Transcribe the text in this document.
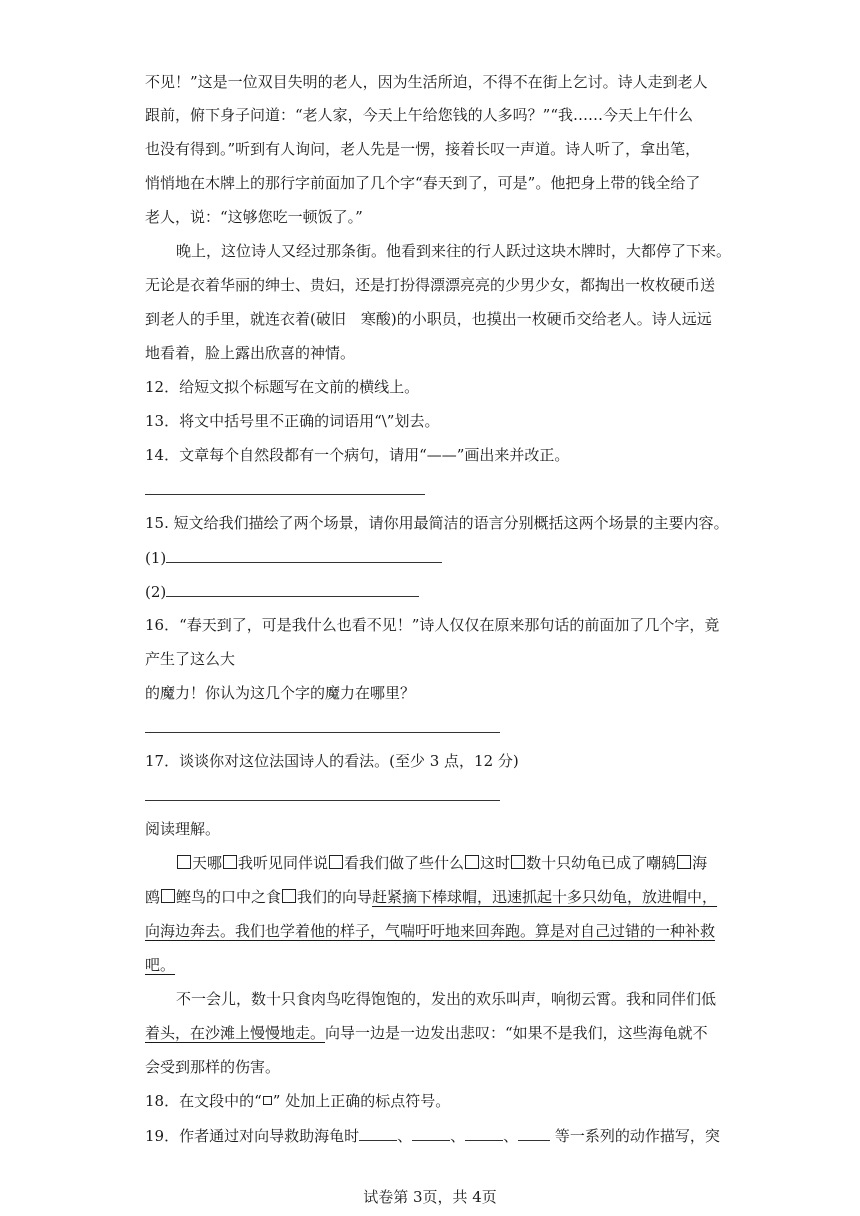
不见！”这是一位双目失明的老人，因为生活所迫，不得不在街上乞讨。诗人走到老人
跟前，俯下身子问道：“老人家，今天上午给您钱的人多吗？”“我……今天上午什么
也没有得到。”听到有人询问，老人先是一愣，接着长叹一声道。诗人听了，拿出笔，
悄悄地在木牌上的那行字前面加了几个字“春天到了，可是”。他把身上带的钱全给了
老人，说：“这够您吃一顿饭了。”
晚上，这位诗人又经过那条街。他看到来往的行人跃过这块木牌时，大都停了下来。
无论是衣着华丽的绅士、贵妇，还是打扮得漂漂亮亮的少男少女，都掏出一枚枚硬币送
到老人的手里，就连衣着(破旧　寒酸)的小职员，也摸出一枚硬币交给老人。诗人远远
地看着，脸上露出欣喜的神情。
12．给短文拟个标题写在文前的横线上。
13．将文中括号里不正确的词语用“\”划去。
14．文章每个自然段都有一个病句，请用“——”画出来并改正。
15. 短文给我们描绘了两个场景，请你用最简洁的语言分别概括这两个场景的主要内容。
(1)
(2)
16．“春天到了，可是我什么也看不见！”诗人仅仅在原来那句话的前面加了几个字，竟
产生了这么大
的魔力！你认为这几个字的魔力在哪里？
17．谈谈你对这位法国诗人的看法。(至少 3 点，12 分)
阅读理解。
天哪 我听见同伴说 看我们做了些什么 这时 数十只幼龟已成了嘲鸫 海
鸥 鲣鸟的口中之食 我们的向导赶紧摘下棒球帽，迅速抓起十多只幼龟，放进帽中，
向海边奔去。我们也学着他的样子，气喘吁吁地来回奔跑。算是对自己过错的一种补救
吧。
不一会儿，数十只食肉鸟吃得饱饱的，发出的欢乐叫声，响彻云霄。我和同伴们低
着头，在沙滩上慢慢地走。向导一边是一边发出悲叹：“如果不是我们，这些海龟就不
会受到那样的伤害。
18．在文段中的“ ” 处加上正确的标点符号。
19．作者通过对向导救助海龟时	、	、	、 等一系列的动作描写，突
试卷第 3页，共 4页
